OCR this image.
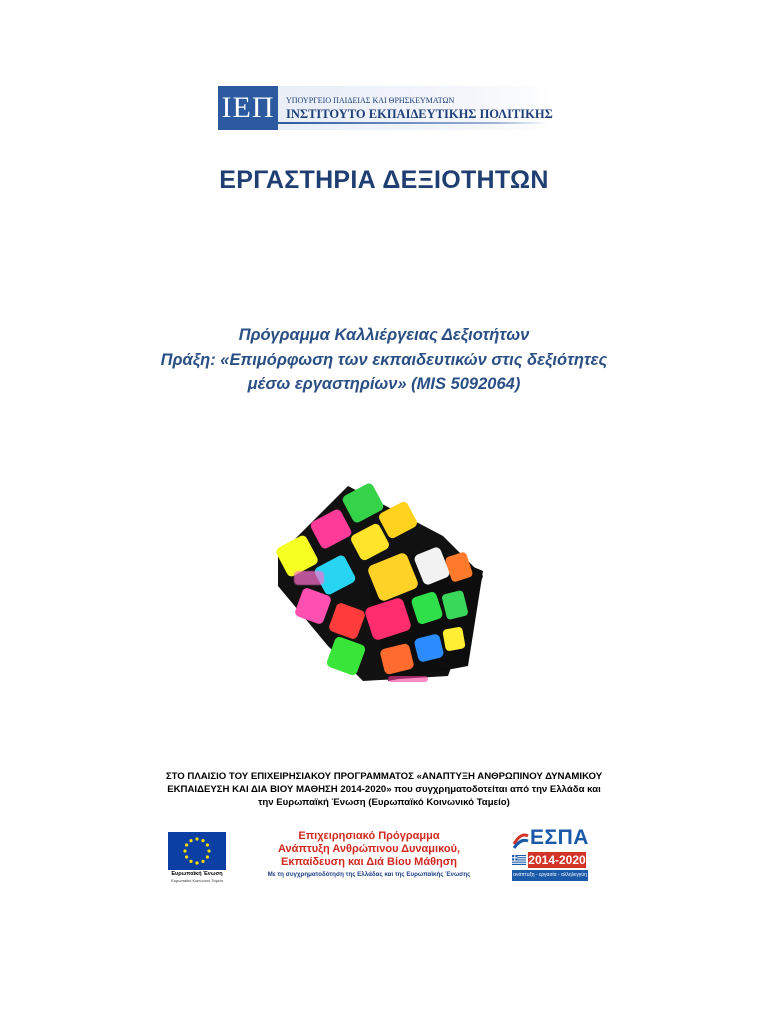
ΙΕΠ	ΥΠΟΥΡΓΕΙΟ ΠΑΙΔΕΙΑΣ ΚΑΙ ΘΡΗΣΚΕΥΜΑΤΩΝ
ΙΝΣΤΙΤΟΥΤΟ ΕΚΠΑΙΔΕΥΤΙΚΗΣ ΠΟΛΙΤΙΚΗΣ
ΕΡΓΑΣΤΗΡΙΑ ΔΕΞΙΟΤΗΤΩΝ
Πρόγραμμα Καλλιέργειας Δεξιοτήτων
Πράξη: «Επιμόρφωση των εκπαιδευτικών στις δεξιότητες
μέσω εργαστηρίων» (MIS 5092064)
ΣΤΟ ΠΛΑΙΣΙΟ ΤΟΥ ΕΠΙΧΕΙΡΗΣΙΑΚΟΥ ΠΡΟΓΡΑΜΜΑΤΟΣ «ΑΝΑΠΤΥΞΗ ΑΝΘΡΩΠΙΝΟΥ ΔΥΝΑΜΙΚΟΥ
ΕΚΠΑΙΔΕΥΣΗ ΚΑΙ ΔΙΑ ΒΙΟΥ ΜΑΘΗΣΗ 2014-2020» που συγχρηματοδοτείται από την Ελλάδα και
την Ευρωπαϊκή Ένωση (Ευρωπαϊκό Κοινωνικό Ταμείο)
Ευρωπαϊκή Ένωση
Ευρωπαϊκό Κοινωνικό Ταμείο
Επιχειρησιακό Πρόγραμμα
Ανάπτυξη Ανθρώπινου Δυναμικού,
Εκπαίδευση και Διά Βίου Μάθηση
Με τη συγχρηματοδότηση της Ελλάδας και της Ευρωπαϊκής Ένωσης
ΕΣΠΑ
2014-2020
ανάπτυξη - εργασία - αλληλεγγύη
